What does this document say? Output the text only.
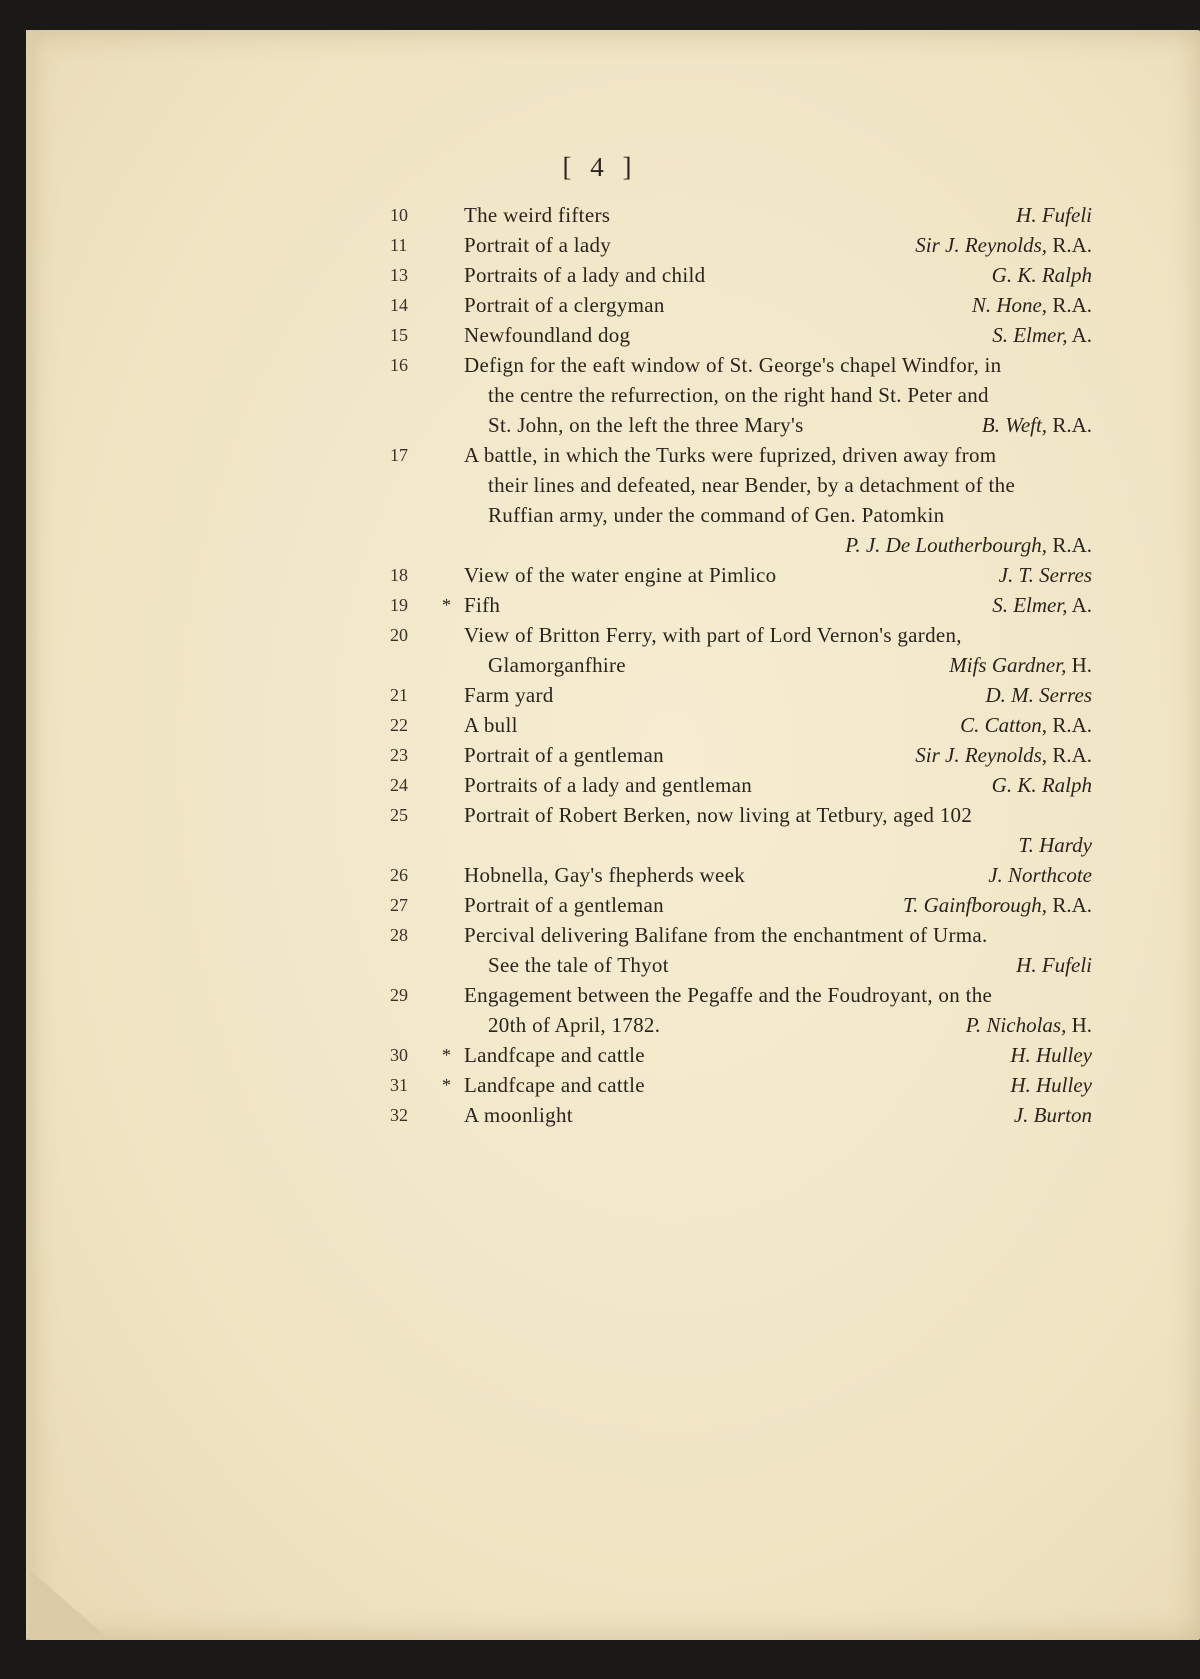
[ 4 ]
10	The weird fifters	H. Fufeli
11	Portrait of a lady	Sir J. Reynolds, R.A.
13	Portraits of a lady and child	G. K. Ralph
14	Portrait of a clergyman	N. Hone, R.A.
15	Newfoundland dog	S. Elmer, A.
16	Defign for the eaft window of St. George's chapel Windfor, in
the centre the refurrection, on the right hand St. Peter and
St. John, on the left the three Mary's	B. Weft, R.A.
17	A battle, in which the Turks were fuprized, driven away from
their lines and defeated, near Bender, by a detachment of the
Ruffian army, under the command of Gen. Patomkin
P. J. De Loutherbourgh, R.A.
18	View of the water engine at Pimlico	J. T. Serres
19	* Fifh	S. Elmer, A.
20	View of Britton Ferry, with part of Lord Vernon's garden,
Glamorganfhire	Mifs Gardner, H.
21	Farm yard	D. M. Serres
22	A bull	C. Catton, R.A.
23	Portrait of a gentleman	Sir J. Reynolds, R.A.
24	Portraits of a lady and gentleman	G. K. Ralph
25	Portrait of Robert Berken, now living at Tetbury, aged 102
T. Hardy
26	Hobnella, Gay's fhepherds week	J. Northcote
27	Portrait of a gentleman	T. Gainfborough, R.A.
28	Percival delivering Balifane from the enchantment of Urma.
See the tale of Thyot	H. Fufeli
29	Engagement between the Pegaffe and the Foudroyant, on the
20th of April, 1782.	P. Nicholas, H.
30	* Landfcape and cattle	H. Hulley
31	* Landfcape and cattle	H. Hulley
32	A moonlight	J. Burton
